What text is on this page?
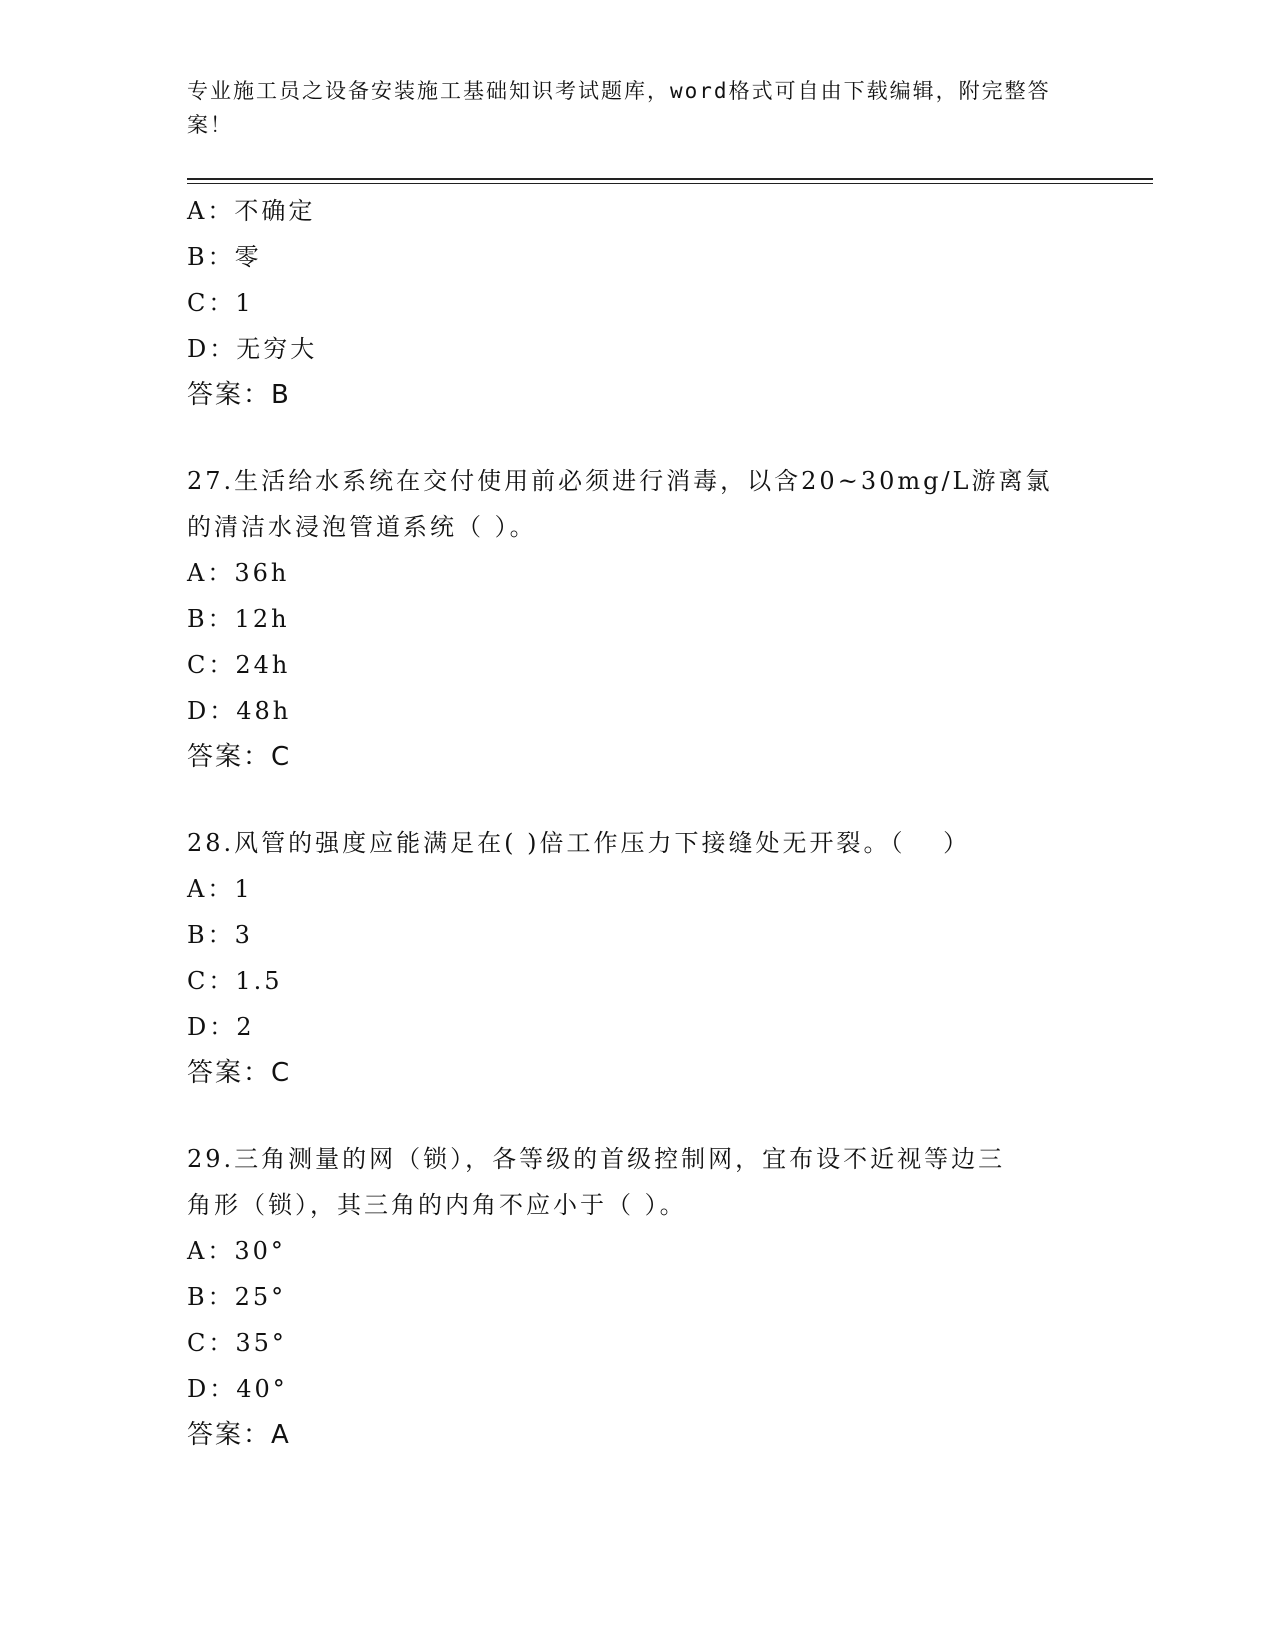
专业施工员之设备安装施工基础知识考试题库，word格式可自由下载编辑，附完整答案！

A：不确定

B：零

C：1

D：无穷大

答案：B

27.生活给水系统在交付使用前必须进行消毒，以含20~30mg/L游离氯

的清洁水浸泡管道系统（ ）。

A：36h

B：12h

C：24h

D：48h

答案：C

28.风管的强度应能满足在( )倍工作压力下接缝处无开裂。（　 ）

A：1

B：3

C：1.5

D：2

答案：C

29.三角测量的网（锁），各等级的首级控制网，宜布设不近视等边三

角形（锁），其三角的内角不应小于（ ）。

A：30°

B：25°

C：35°

D：40°

答案：A
